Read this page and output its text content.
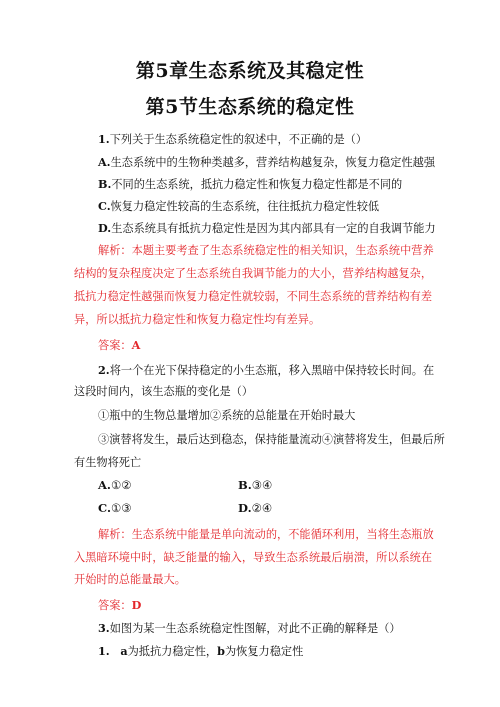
第5章生态系统及其稳定性
第5节生态系统的稳定性
1.下列关于生态系统稳定性的叙述中，不正确的是（）
A.生态系统中的生物种类越多，营养结构越复杂，恢复力稳定性越强
B.不同的生态系统，抵抗力稳定性和恢复力稳定性都是不同的
C.恢复力稳定性较高的生态系统，往往抵抗力稳定性较低
D.生态系统具有抵抗力稳定性是因为其内部具有一定的自我调节能力
解析：本题主要考查了生态系统稳定性的相关知识，生态系统中营养
结构的复杂程度决定了生态系统自我调节能力的大小，营养结构越复杂，
抵抗力稳定性越强而恢复力稳定性就较弱，不同生态系统的营养结构有差
异，所以抵抗力稳定性和恢复力稳定性均有差异。
答案：A
2.将一个在光下保持稳定的小生态瓶，移入黑暗中保持较长时间。在
这段时间内，该生态瓶的变化是（）
①瓶中的生物总量增加②系统的总能量在开始时最大
③演替将发生，最后达到稳态，保持能量流动④演替将发生，但最后所
有生物将死亡
A.①②	B.③④
C.①③	D.②④
解析：生态系统中能量是单向流动的，不能循环利用，当将生态瓶放
入黑暗环境中时，缺乏能量的输入，导致生态系统最后崩溃，所以系统在
开始时的总能量最大。
答案：D
3.如图为某一生态系统稳定性图解，对此不正确的解释是（）
1. a为抵抗力稳定性，b为恢复力稳定性
